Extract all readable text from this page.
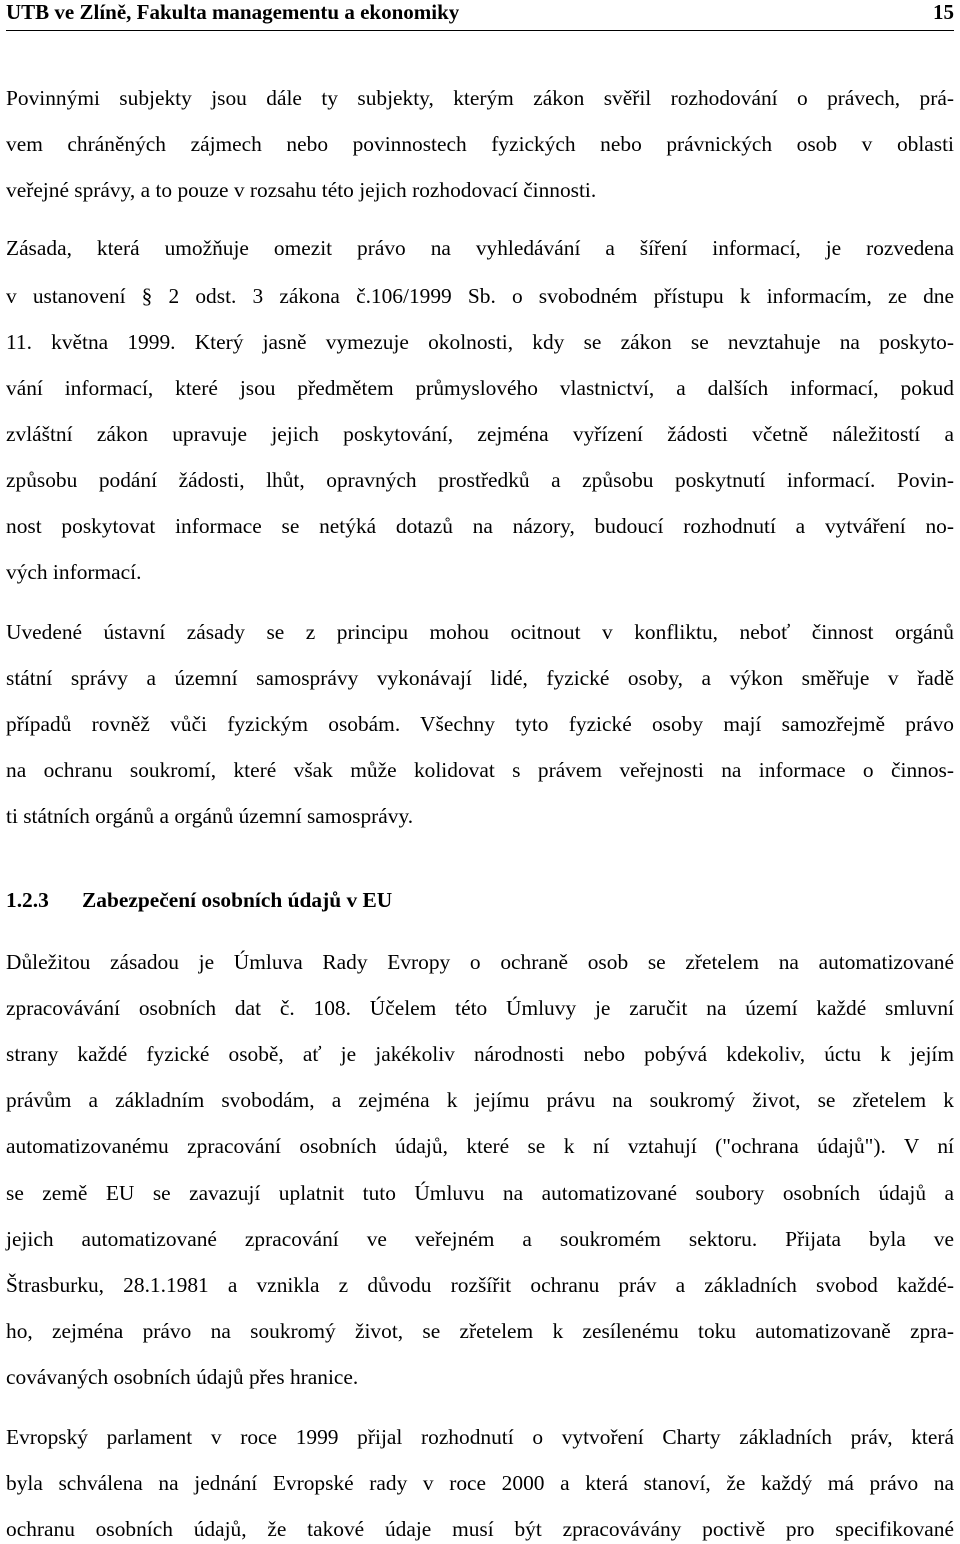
UTB ve Zlíně, Fakulta managementu a ekonomiky	15
Povinnými subjekty jsou dále ty subjekty, kterým zákon svěřil rozhodování o právech, prá-
vem chráněných zájmech nebo povinnostech fyzických nebo právnických osob v oblasti
veřejné správy, a to pouze v rozsahu této jejich rozhodovací činnosti.
Zásada, která umožňuje omezit právo na vyhledávání a šíření informací, je rozvedena
v ustanovení § 2 odst. 3 zákona č.106/1999 Sb. o svobodném přístupu k informacím, ze dne
11. května 1999. Který jasně vymezuje okolnosti, kdy se zákon se nevztahuje na poskyto-
vání informací, které jsou předmětem průmyslového vlastnictví, a dalších informací, pokud
zvláštní zákon upravuje jejich poskytování, zejména vyřízení žádosti včetně náležitostí a
způsobu podání žádosti, lhůt, opravných prostředků a způsobu poskytnutí informací. Povin-
nost poskytovat informace se netýká dotazů na názory, budoucí rozhodnutí a vytváření no-
vých informací.
Uvedené ústavní zásady se z principu mohou ocitnout v konfliktu, neboť činnost orgánů
státní správy a územní samosprávy vykonávají lidé, fyzické osoby, a výkon směřuje v řadě
případů rovněž vůči fyzickým osobám. Všechny tyto fyzické osoby mají samozřejmě právo
na ochranu soukromí, které však může kolidovat s právem veřejnosti na informace o činnos-
ti státních orgánů a orgánů územní samosprávy.
1.2.3 Zabezpečení osobních údajů v EU
Důležitou zásadou je Úmluva Rady Evropy o ochraně osob se zřetelem na automatizované
zpracovávání osobních dat č. 108. Účelem této Úmluvy je zaručit na území každé smluvní
strany každé fyzické osobě, ať je jakékoliv národnosti nebo pobývá kdekoliv, úctu k jejím
právům a základním svobodám, a zejména k jejímu právu na soukromý život, se zřetelem k
automatizovanému zpracování osobních údajů, které se k ní vztahují ("ochrana údajů"). V ní
se země EU se zavazují uplatnit tuto Úmluvu na automatizované soubory osobních údajů a
jejich automatizované zpracování ve veřejném a soukromém sektoru. Přijata byla ve
Štrasburku, 28.1.1981 a vznikla z důvodu rozšířit ochranu práv a základních svobod každé-
ho, zejména právo na soukromý život, se zřetelem k zesílenému toku automatizovaně zpra-
covávaných osobních údajů přes hranice.
Evropský parlament v roce 1999 přijal rozhodnutí o vytvoření Charty základních práv, která
byla schválena na jednání Evropské rady v roce 2000 a která stanoví, že každý má právo na
ochranu osobních údajů, že takové údaje musí být zpracovávány poctivě pro specifikované
